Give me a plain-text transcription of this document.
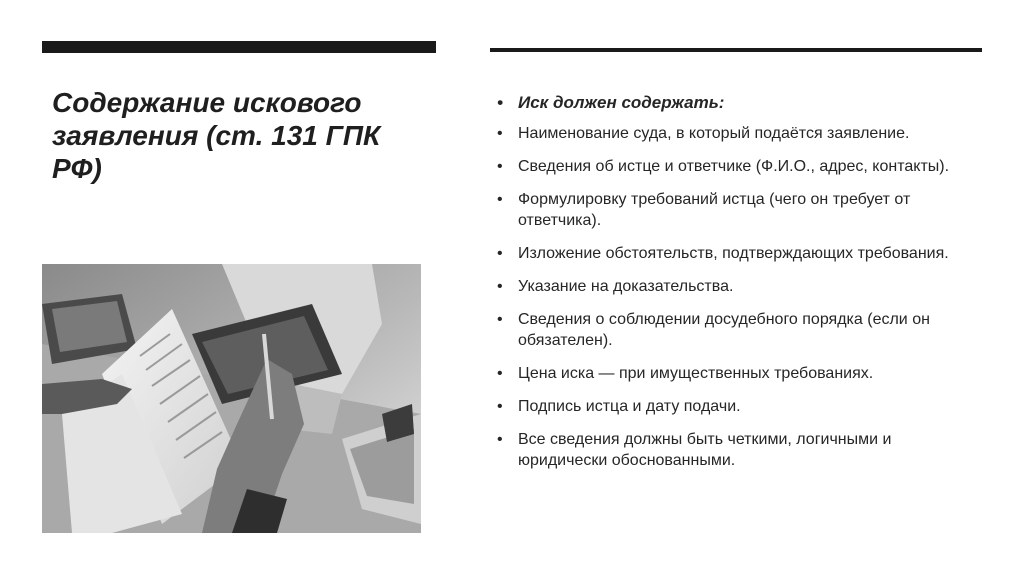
Содержание искового заявления (ст. 131 ГПК РФ)
• Иск должен содержать:
• Наименование суда, в который подаётся заявление.
• Сведения об истце и ответчике (Ф.И.О., адрес, контакты).
• Формулировку требований истца (чего он требует от ответчика).
• Изложение обстоятельств, подтверждающих требования.
• Указание на доказательства.
• Сведения о соблюдении досудебного порядка (если он обязателен).
• Цена иска — при имущественных требованиях.
• Подпись истца и дату подачи.
• Все сведения должны быть четкими, логичными и юридически обоснованными.
